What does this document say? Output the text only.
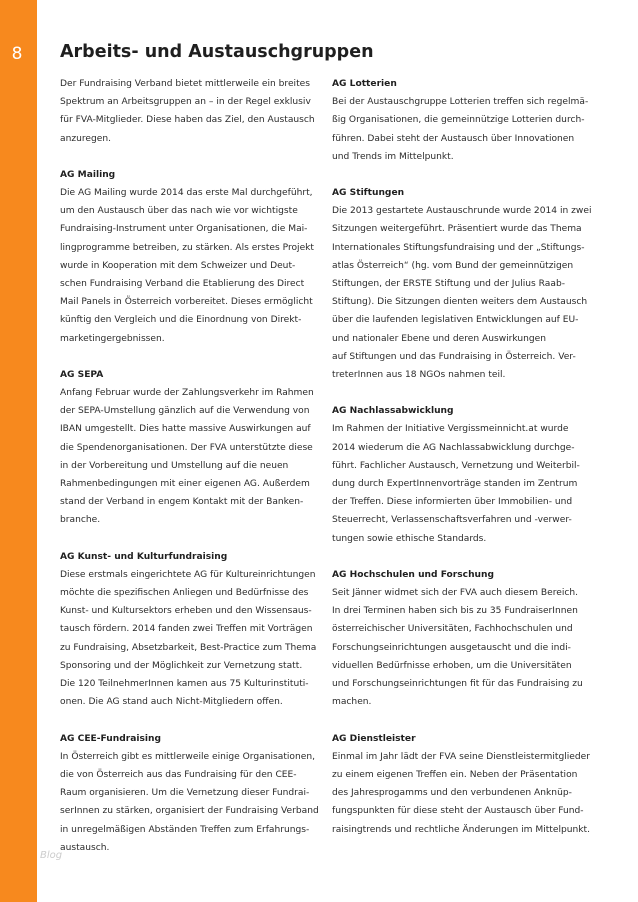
8	Arbeits- und Austauschgruppen
Der Fundraising Verband bietet mittlerweile ein breites
Spektrum an Arbeitsgruppen an – in der Regel exklusiv
für FVA-Mitglieder. Diese haben das Ziel, den Austausch
anzuregen.
AG Mailing
Die AG Mailing wurde 2014 das erste Mal durchgeführt,
um den Austausch über das nach wie vor wichtigste
Fundraising-Instrument unter Organisationen, die Mai-
lingprogramme betreiben, zu stärken. Als erstes Projekt
wurde in Kooperation mit dem Schweizer und Deut-
schen Fundraising Verband die Etablierung des Direct
Mail Panels in Österreich vorbereitet. Dieses ermöglicht
künftig den Vergleich und die Einordnung von Direkt-
marketingergebnissen.
AG SEPA
Anfang Februar wurde der Zahlungsverkehr im Rahmen
der SEPA-Umstellung gänzlich auf die Verwendung von
IBAN umgestellt. Dies hatte massive Auswirkungen auf
die Spendenorganisationen. Der FVA unterstützte diese
in der Vorbereitung und Umstellung auf die neuen
Rahmenbedingungen mit einer eigenen AG. Außerdem
stand der Verband in engem Kontakt mit der Banken-
branche.
AG Kunst- und Kulturfundraising
Diese erstmals eingerichtete AG für Kultureinrichtungen
möchte die spezifischen Anliegen und Bedürfnisse des
Kunst- und Kultursektors erheben und den Wissensaus-
tausch fördern. 2014 fanden zwei Treffen mit Vorträgen
zu Fundraising, Absetzbarkeit, Best-Practice zum Thema
Sponsoring und der Möglichkeit zur Vernetzung statt.
Die 120 TeilnehmerInnen kamen aus 75 Kulturinstituti-
onen. Die AG stand auch Nicht-Mitgliedern offen.
AG CEE-Fundraising
In Österreich gibt es mittlerweile einige Organisationen,
die von Österreich aus das Fundraising für den CEE-
Raum organisieren. Um die Vernetzung dieser Fundrai-
serInnen zu stärken, organisiert der Fundraising Verband
in unregelmäßigen Abständen Treffen zum Erfahrungs-
austausch.
AG Lotterien
Bei der Austauschgruppe Lotterien treffen sich regelmä-
ßig Organisationen, die gemeinnützige Lotterien durch-
führen. Dabei steht der Austausch über Innovationen
und Trends im Mittelpunkt.
AG Stiftungen
Die 2013 gestartete Austauschrunde wurde 2014 in zwei
Sitzungen weitergeführt. Präsentiert wurde das Thema
Internationales Stiftungsfundraising und der „Stiftungs-
atlas Österreich“ (hg. vom Bund der gemeinnützigen
Stiftungen, der ERSTE Stiftung und der Julius Raab-
Stiftung). Die Sitzungen dienten weiters dem Austausch
über die laufenden legislativen Entwicklungen auf EU-
und nationaler Ebene und deren Auswirkungen
auf Stiftungen und das Fundraising in Österreich. Ver-
treterInnen aus 18 NGOs nahmen teil.
AG Nachlassabwicklung
Im Rahmen der Initiative Vergissmeinnicht.at wurde
2014 wiederum die AG Nachlassabwicklung durchge-
führt. Fachlicher Austausch, Vernetzung und Weiterbil-
dung durch ExpertInnenvorträge standen im Zentrum
der Treffen. Diese informierten über Immobilien- und
Steuerrecht, Verlassenschaftsverfahren und -verwer-
tungen sowie ethische Standards.
AG Hochschulen und Forschung
Seit Jänner widmet sich der FVA auch diesem Bereich.
In drei Terminen haben sich bis zu 35 FundraiserInnen
österreichischer Universitäten, Fachhochschulen und
Forschungseinrichtungen ausgetauscht und die indi-
viduellen Bedürfnisse erhoben, um die Universitäten
und Forschungseinrichtungen fit für das Fundraising zu
machen.
AG Dienstleister
Einmal im Jahr lädt der FVA seine Dienstleistermitglieder
zu einem eigenen Treffen ein. Neben der Präsentation
des Jahresprogamms und den verbundenen Anknüp-
fungspunkten für diese steht der Austausch über Fund-
raisingtrends und rechtliche Änderungen im Mittelpunkt.
Blog
